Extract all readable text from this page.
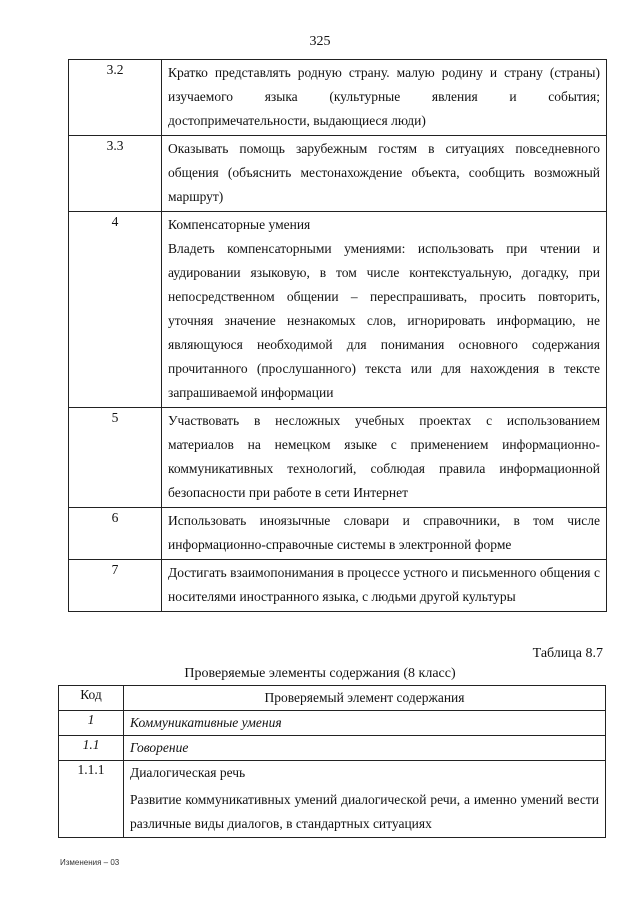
325
3.2	Кратко представлять родную страну. малую родину и страну (страны) изучаемого языка (культурные явления и события; достопримечательности, выдающиеся люди)

3.3	Оказывать помощь зарубежным гостям в ситуациях повседневного общения (объяснить местонахождение объекта, сообщить возможный маршрут)

4	Компенсаторные умения
Владеть компенсаторными умениями: использовать при чтении и аудировании языковую, в том числе контекстуальную, догадку, при непосредственном общении – переспрашивать, просить повторить, уточняя значение незнакомых слов, игнорировать информацию, не являющуюся необходимой для понимания основного содержания прочитанного (прослушанного) текста или для нахождения в тексте запрашиваемой информации

5	Участвовать в несложных учебных проектах с использованием материалов на немецком языке с применением информационно-коммуникативных технологий, соблюдая правила информационной безопасности при работе в сети Интернет

6	Использовать иноязычные словари и справочники, в том числе информационно-справочные системы в электронной форме

7	Достигать взаимопонимания в процессе устного и письменного общения с носителями иностранного языка, с людьми другой культуры
Таблица 8.7
Проверяемые элементы содержания (8 класс)
Код	Проверяемый элемент содержания
1	Коммуникативные умения

1.1	Говорение

1.1.1	Диалогическая речь
Развитие коммуникативных умений диалогической речи, а именно умений вести различные виды диалогов, в стандартных ситуациях
Изменения – 03
